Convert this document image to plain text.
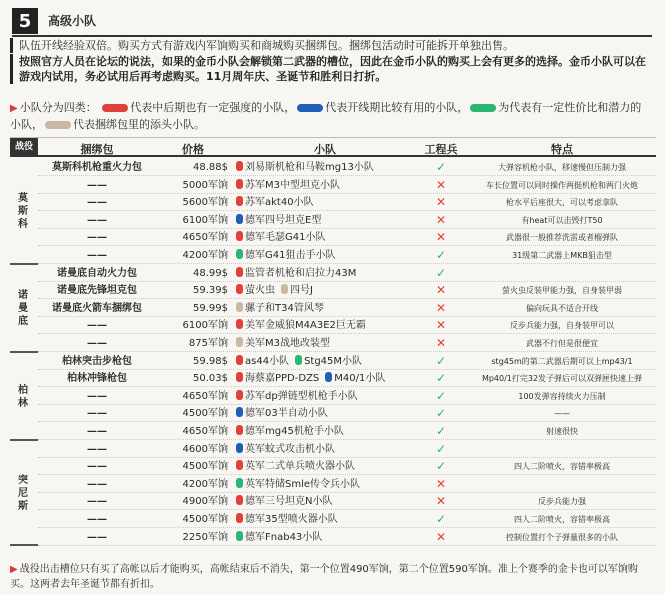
5	高级小队

队伍开线经验双倍。购买方式有游戏内军饷购买和商城购买捆绑包。捆绑包活动时可能拆开单独出售。

按照官方人员在论坛的说法，如果的金币小队会解锁第二武器的槽位，因此在金币小队的购买上会有更多的选择。金币小队可以在游戏内试用，务必试用后再考虑购买。11月周年庆、圣诞节和胜利日打折。

▶ 小队分为四类：	代表中后期也有一定强度的小队，	代表开线期比较有用的小队，	为代表有一定性价比和潜力的小队，	代表捆绑包里的添头小队。
战役	捆绑包	价格	小队	工程兵	特点
莫斯科机枪重火力包	48.88$	刘易斯机枪和马鞍mg13小队	✓	大弹容机枪小队，移速慢但压制力强
——	5000军饷	苏军M3中型坦克小队	✕	车长位置可以同时操作两挺机枪和两门火炮
——	5600军饷	苏军akt40小队	✕	枪水平后座很大，可以考虑拿队
——	6100军饷	德军四号坦克E型	✕	有heat可以击毁打T50
——	4650军饷	德军毛瑟G41小队	✕	武器很一般推荐洗雷或者榴弹队
——	4200军饷	德军G41狙击手小队	✓	31级第二武器上MKB狙击型
莫斯科
诺曼底自动火力包	48.99$	监管者机枪和启拉力43M	✓
诺曼底先锋坦克包	59.39$	萤火虫 四号J	✕	萤火虫反装甲能力强，自身装甲弱
诺曼底火箭车捆绑包	59.99$	骡子和T34管风琴	✕	偏向玩具不适合开线
——	6100军饷	美军金威狼M4A3E2巨无霸	✕	反步兵能力强，自身装甲可以
——	875军饷	美军M3战地改装型	✕	武器不行但是很便宜
诺曼底
柏林突击步枪包	59.98$	as44小队 Stg45M小队	✓	stg45m的第二武器后期可以上mp43/1
柏林冲锋枪包	50.03$	海蔡嘉PPD-DZS M40/1小队	✓	Mp40/1打完32发子弹后可以双弹匣快速上弹
——	4650军饷	苏军dp弹链型机枪手小队	✓	100发弹容持续火力压制
——	4500军饷	德军03半自动小队	✓	——
——	4650军饷	德军mg45机枪手小队	✓	射速很快
柏林
——	4600军饷	英军蚊式攻击机小队	✓
——	4500军饷	英军二式单兵喷火器小队	✓	四人二阶喷火，容错率极高
——	4200军饷	英军特储Smle传令兵小队	✕
——	4900军饷	德军三号坦克N小队	✕	反步兵能力强
——	4500军饷	德军35型喷火器小队	✓	四人二阶喷火，容错率极高
——	2250军饷	德军Fnab43小队	✕	控制位置打个子弹量很多的小队
突尼斯
▶ 战役出击槽位只有买了高帐以后才能购买，高帐结束后不消失，第一个位置490军饷，第二个位置590军饷。准上个赛季的金卡也可以军饷购买。这两者去年圣诞节都有折扣。
